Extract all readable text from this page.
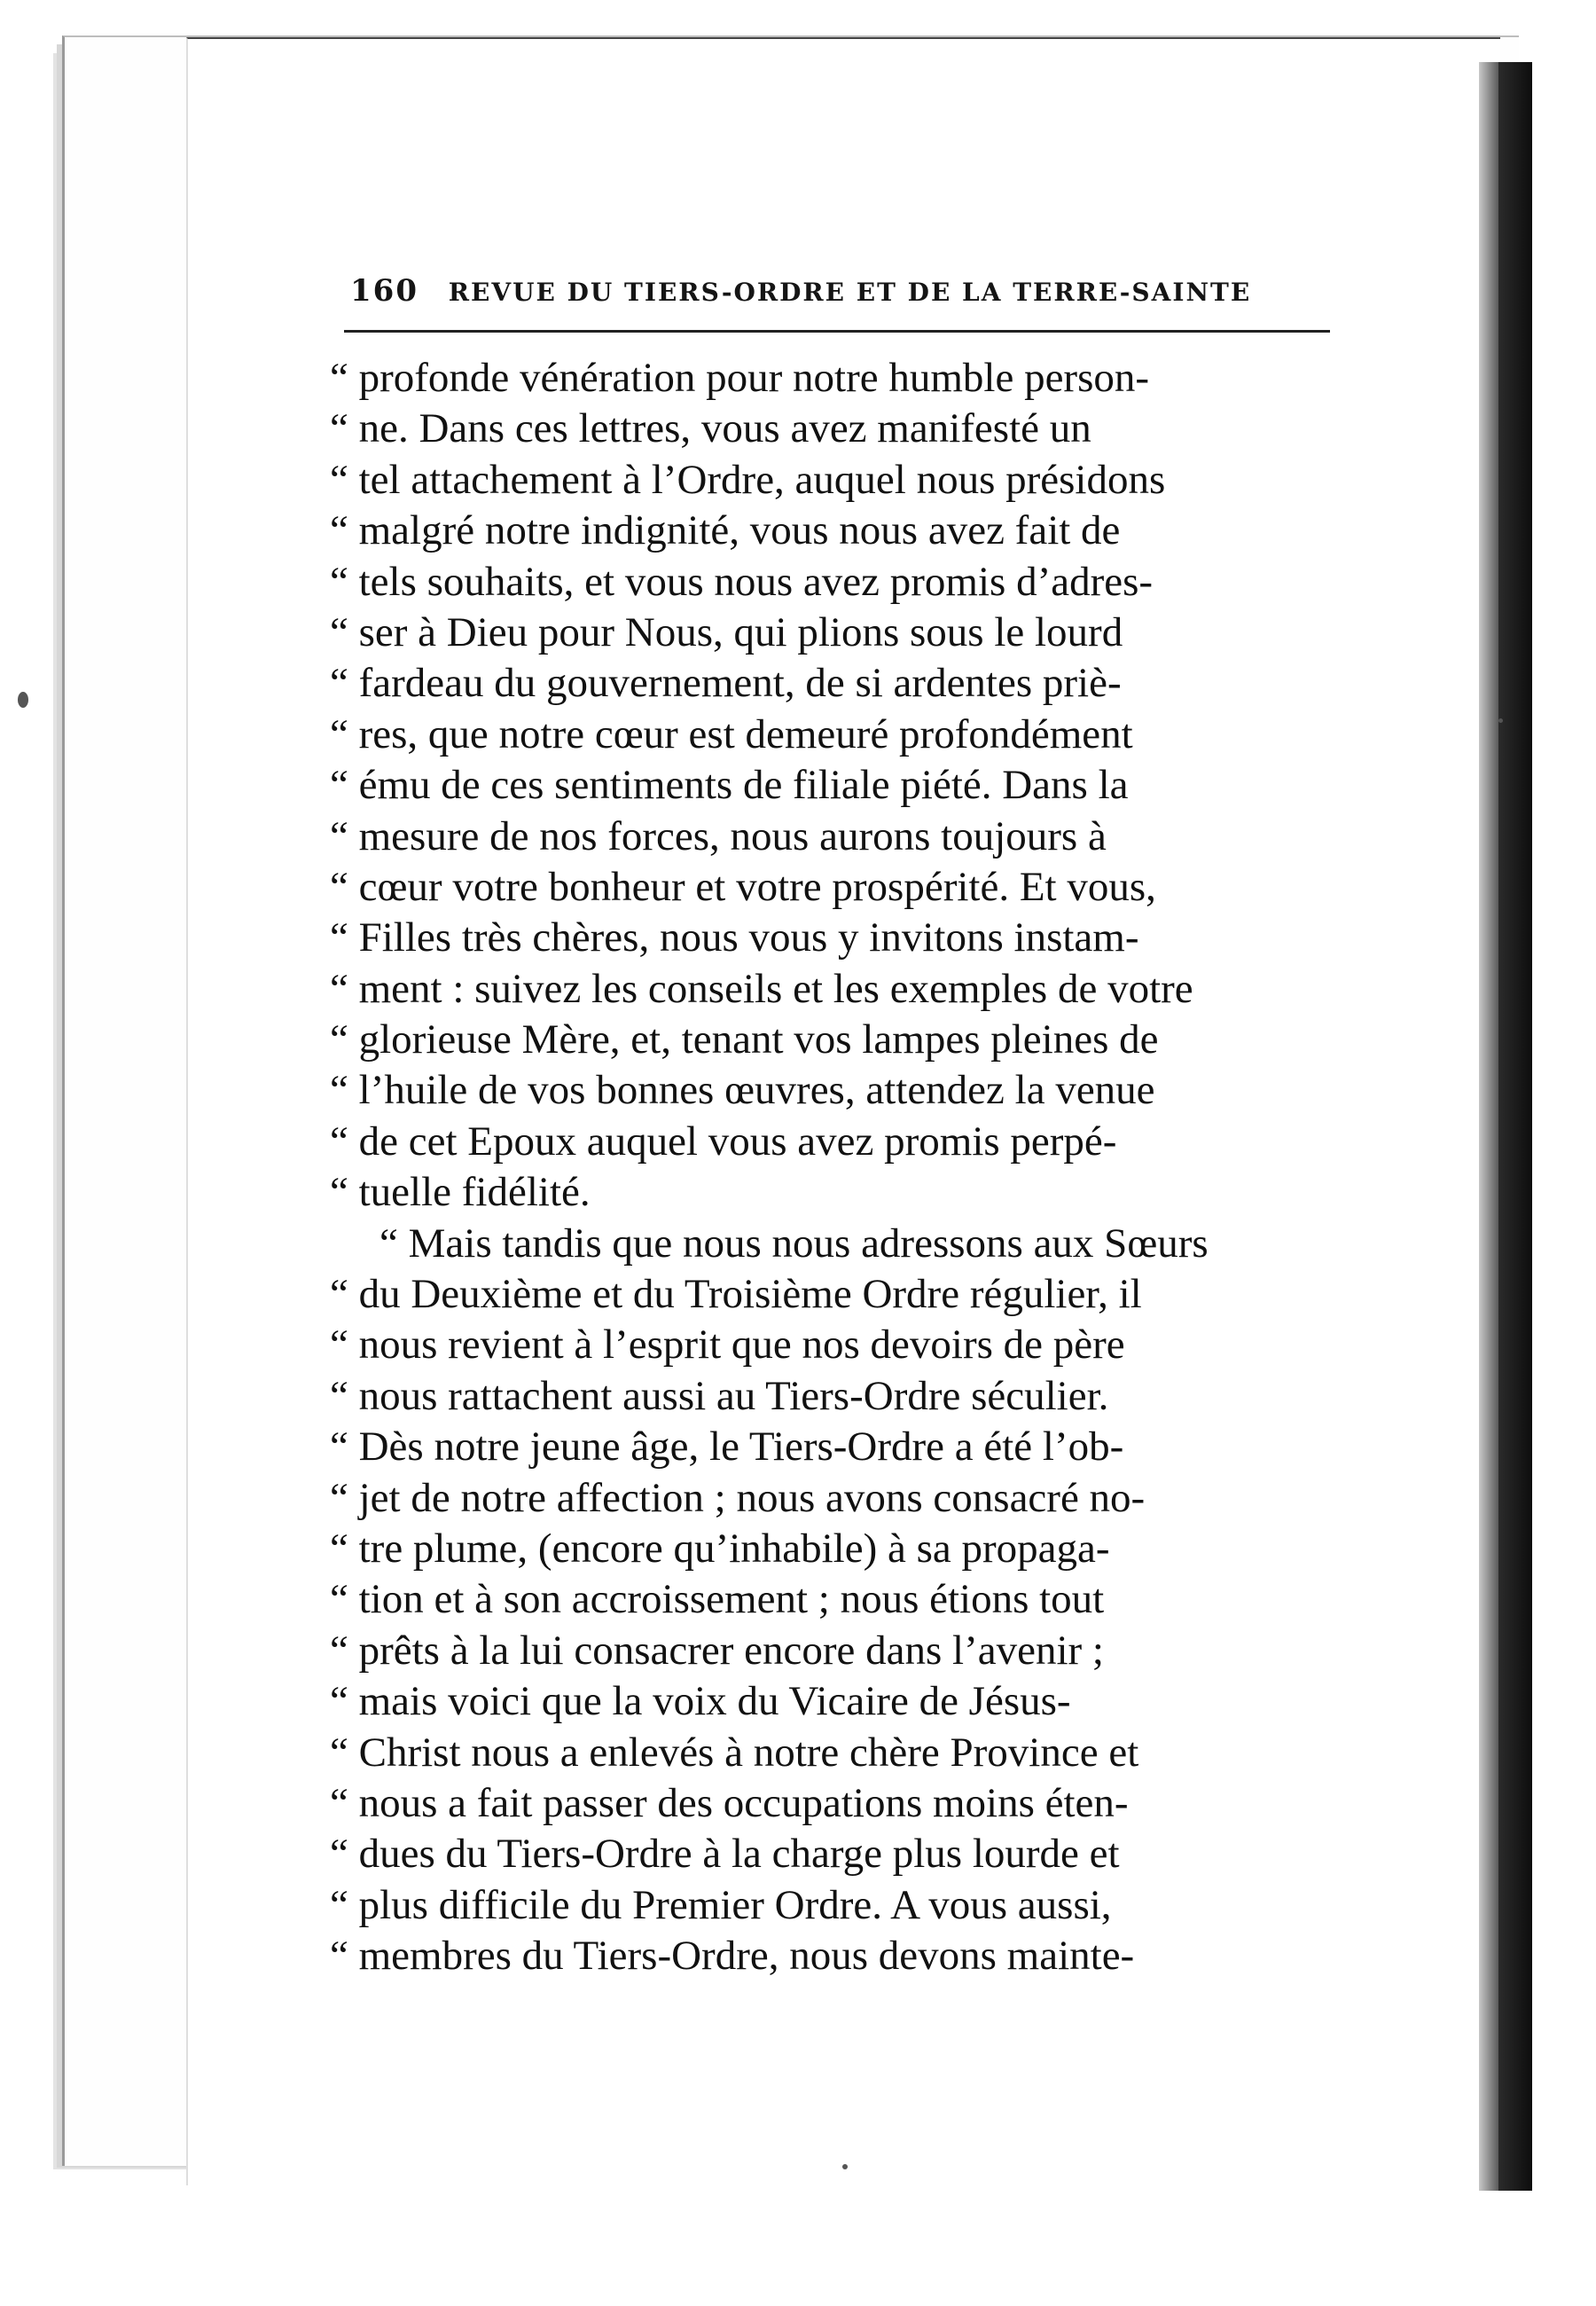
160 REVUE DU TIERS-ORDRE ET DE LA TERRE-SAINTE
“ profonde vénération pour notre humble person-
“ ne. Dans ces lettres, vous avez manifesté un
“ tel attachement à l’Ordre, auquel nous présidons
“ malgré notre indignité, vous nous avez fait de
“ tels souhaits, et vous nous avez promis d’adres-
“ ser à Dieu pour Nous, qui plions sous le lourd
“ fardeau du gouvernement, de si ardentes priè-
“ res, que notre cœur est demeuré profondément
“ ému de ces sentiments de filiale piété. Dans la
“ mesure de nos forces, nous aurons toujours à
“ cœur votre bonheur et votre prospérité. Et vous,
“ Filles très chères, nous vous y invitons instam-
“ ment : suivez les conseils et les exemples de votre
“ glorieuse Mère, et, tenant vos lampes pleines de
“ l’huile de vos bonnes œuvres, attendez la venue
“ de cet Epoux auquel vous avez promis perpé-
“ tuelle fidélité.
“ Mais tandis que nous nous adressons aux Sœurs
“ du Deuxième et du Troisième Ordre régulier, il
“ nous revient à l’esprit que nos devoirs de père
“ nous rattachent aussi au Tiers-Ordre séculier.
“ Dès notre jeune âge, le Tiers-Ordre a été l’ob-
“ jet de notre affection ; nous avons consacré no-
“ tre plume, (encore qu’inhabile) à sa propaga-
“ tion et à son accroissement ; nous étions tout
“ prêts à la lui consacrer encore dans l’avenir ;
“ mais voici que la voix du Vicaire de Jésus-
“ Christ nous a enlevés à notre chère Province et
“ nous a fait passer des occupations moins éten-
“ dues du Tiers-Ordre à la charge plus lourde et
“ plus difficile du Premier Ordre. A vous aussi,
“ membres du Tiers-Ordre, nous devons mainte-
